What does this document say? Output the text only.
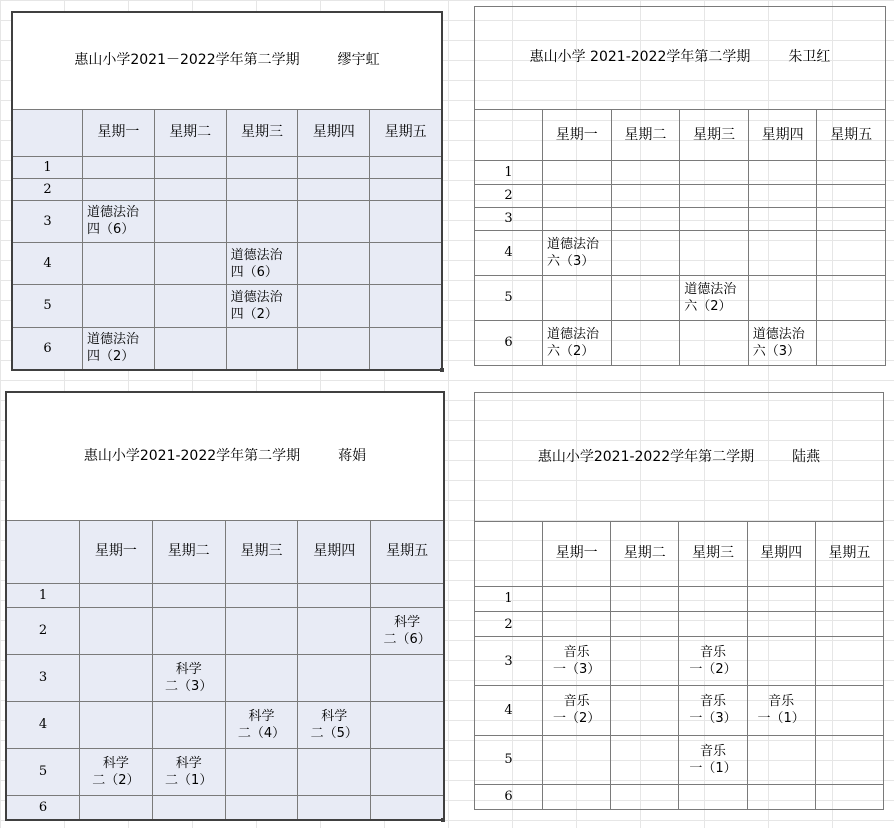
惠山小学2021－2022学年第二学期 缪宇虹					
	星期一	星期二	星期三	星期四	星期五
1					
2					
3	道德法治
四（6）				

4			道德法治
四（6）		

5			道德法治
四（2）		

6	道德法治
四（2）				

惠山小学 2021-2022学年第二学期 朱卫红					
	星期一	星期二	星期三	星期四	星期五
1					
2					
3					
4	道德法治
六（3）				

5			道德法治
六（2）		

6	道德法治
六（2）			道德法治
六（3）	

惠山小学2021-2022学年第二学期 蒋娟					
	星期一	星期二	星期三	星期四	星期五
1					
2					科学
二（6）

3		科学
二（3）			

4			科学
二（4）	科学
二（5）	

5	科学
二（2）	科学
二（1）			

6					
惠山小学2021-2022学年第二学期 陆燕					
	星期一	星期二	星期三	星期四	星期五
1					
2					
3	音乐
一（3）		音乐
一（2）		

4	音乐
一（2）		音乐
一（3）	音乐
一（1）	

5			音乐
一（1）		

6					
